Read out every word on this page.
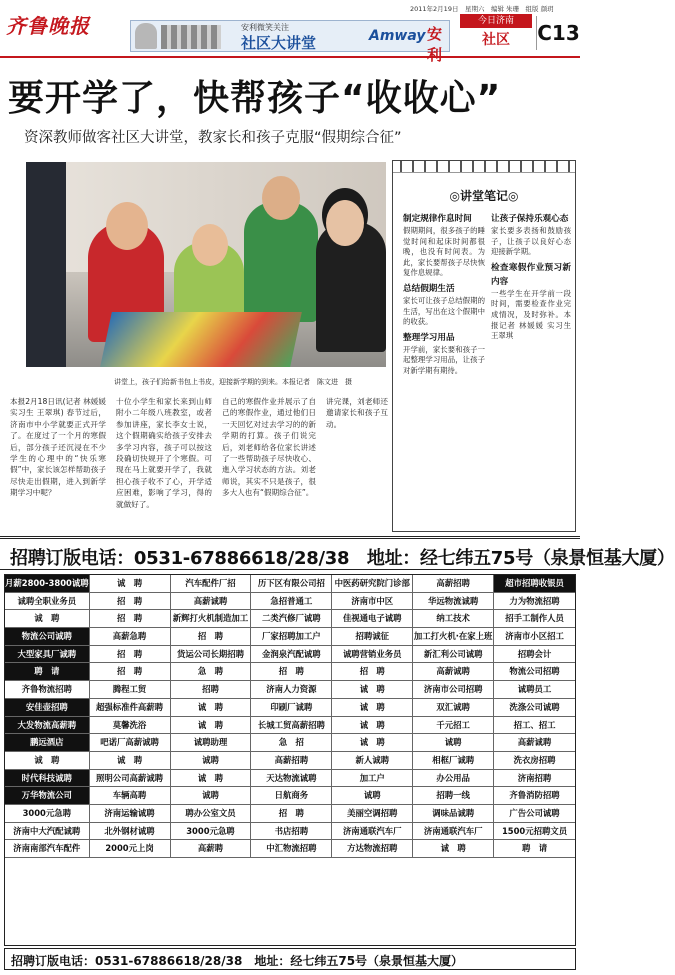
齐鲁晚报	安利微笑关注
社区大讲堂	Amway 安利
2011年2月19日　星期六　编辑 朱珊　组版 颜玥
今日济南
社区	C13
要开学了，快帮孩子“收收心”
资深教师做客社区大讲堂，教家长和孩子克服“假期综合征”
讲堂上，孩子们给新书包上书皮，迎接新学期的到来。本报记者　陈文进　摄
本报2月18日讯(记者 林媛媛 实习生 王翠琪) 春节过后，济南市中小学就要正式开学了。在度过了一个月的寒假后，部分孩子还沉浸在不少学生的心理中的“快乐寒假”中，家长该怎样帮助孩子尽快走出假期，进入到新学期学习中呢？
十位小学生和家长来到山师附小二年级八班教室，或者参加讲座，家长李女士说，这个假期确实给孩子安排去多学习内容，孩子可以按这段确切快规开了个寒假。可现在马上就要开学了，我就担心孩子收不了心，开学适应困难，影响了学习，得的就做好了。
自己的寒假作业并展示了自己的寒假作业，通过他们日一天回忆对过去学习的的新学期的打算。孩子们说完后，刘老师给各位家长讲述了一些帮助孩子尽快收心、進入学习状态的方法。刘老师说，其实不只是孩子，很多大人也有“假期综合征”。
讲完课，刘老师还邀请家长和孩子互动。
◎讲堂笔记◎
制定规律作息时间
假期期间，很多孩子的睡觉时间和起床时间都很晚，也没有时间表。为此，家长要帮孩子尽快恢复作息规律。
总结假期生活
家长可让孩子总结假期的生活，写出在这个假期中的收获。
整理学习用品
开学前，家长要和孩子一起整理学习用品，让孩子对新学期有期待。
让孩子保持乐观心态
家长要多表扬和鼓励孩子，让孩子以良好心态迎接新学期。
检查寒假作业预习新内容
一些学生在开学前一段时间，需要检查作业完成情况，及时弥补。本报记者 林媛媛 实习生 王翠琪
招聘订版电话：0531-67886618/28/38　地址：经七纬五75号（泉景恒基大厦）
月薪2800-3800诚聘	诚　聘	汽车配件厂招	历下区有限公司招	中医药研究院门诊部	高薪招聘	超市招聘收银员
诚聘全职业务员	招　聘	高薪诚聘	急招普通工	济南市中区	华远物流诚聘	力为物流招聘
诚　聘	招　聘	新辉打火机制造加工	二类汽修厂诚聘	佳视通电子诚聘	纳工技术	招手工制作人员
物流公司诚聘	高薪急聘	招　聘	厂家招聘加工户	招聘诚征	加工打火机·在家上班	济南市小区招工
大型家具厂诚聘	招　聘	货运公司长期招聘	金润泉汽配诚聘	诚聘营销业务员	新汇利公司诚聘	招聘会计
聘　请	招　聘	急　聘	招　聘	招　聘	高薪诚聘	物流公司招聘
齐鲁物流招聘	腾程工贸	招聘	济南人力资源	诚　聘	济南市公司招聘	诚聘员工
安佳壶招聘	超强标准件高薪聘	诚　聘	印刷厂诚聘	诚　聘	双汇诚聘	洗涤公司诚聘
大发物流高薪聘	莫馨洗浴	诚　聘	长城工贸高薪招聘	诚　聘	千元招工	招工、招工
鹏远酒店	吧诺厂高薪诚聘	诚聘助理	急　招	诚　聘	诚聘	高薪诚聘
诚　聘	诚　聘	诚聘	高薪招聘	新人诚聘	相框厂诚聘	洗衣房招聘
时代科技诚聘	照明公司高薪诚聘	诚　聘	天达物流诚聘	加工户	办公用品	济南招聘
万华物流公司	车辆高聘	诚聘	日航商务	诚聘	招聘一线	齐鲁消防招聘
3000元急聘	济南运输诚聘	聘办公室文员	招　聘	美丽空调招聘	调味品诚聘	广告公司诚聘
济南中大汽配诚聘	北外钢材诚聘	3000元急聘	书店招聘	济南通联汽车厂	济南通联汽车厂	1500元招聘文员
济南南部汽车配件	2000元上岗	高薪聘	中汇物流招聘	方达物流招聘	诚　聘	聘　请
招聘订版电话：0531-67886618/28/38　地址：经七纬五75号（泉景恒基大厦）
